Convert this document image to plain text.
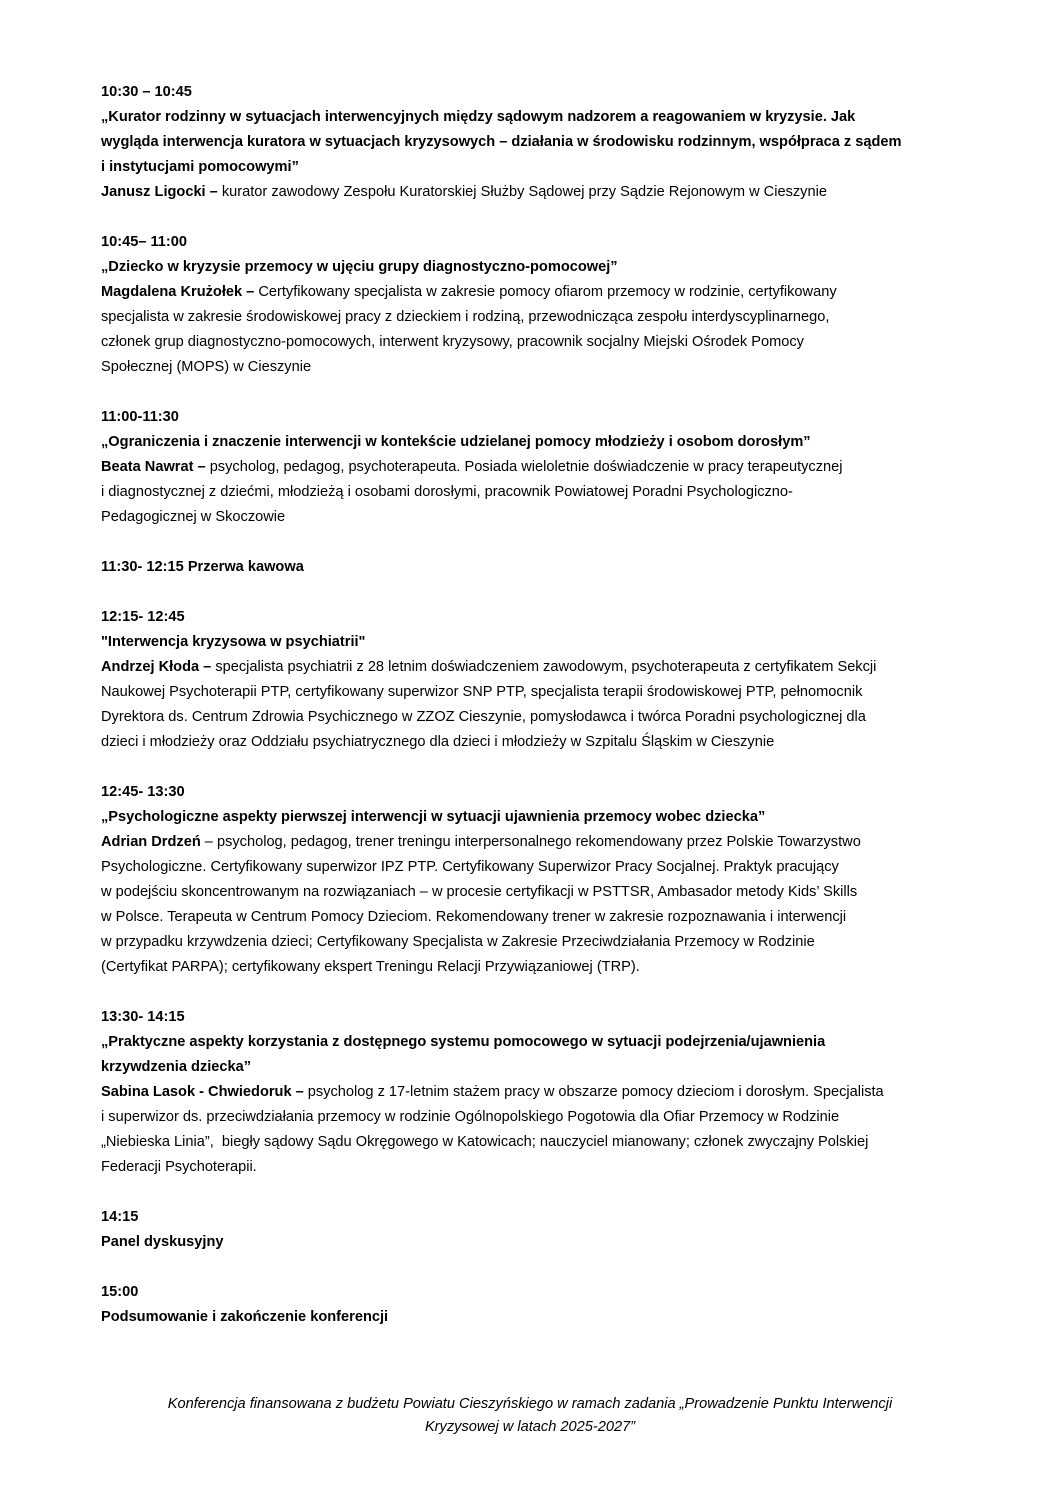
10:30 – 10:45
„Kurator rodzinny w sytuacjach interwencyjnych między sądowym nadzorem a reagowaniem w kryzysie. Jak
wygląda interwencja kuratora w sytuacjach kryzysowych – działania w środowisku rodzinnym, współpraca z sądem
i instytucjami pomocowymi”
Janusz Ligocki – kurator zawodowy Zespołu Kuratorskiej Służby Sądowej przy Sądzie Rejonowym w Cieszynie
10:45– 11:00
„Dziecko w kryzysie przemocy w ujęciu grupy diagnostyczno-pomocowej”
Magdalena Krużołek – Certyfikowany specjalista w zakresie pomocy ofiarom przemocy w rodzinie, certyfikowany
specjalista w zakresie środowiskowej pracy z dzieckiem i rodziną, przewodnicząca zespołu interdyscyplinarnego,
członek grup diagnostyczno-pomocowych, interwent kryzysowy, pracownik socjalny Miejski Ośrodek Pomocy
Społecznej (MOPS) w Cieszynie
11:00-11:30
„Ograniczenia i znaczenie interwencji w kontekście udzielanej pomocy młodzieży i osobom dorosłym”
Beata Nawrat – psycholog, pedagog, psychoterapeuta. Posiada wieloletnie doświadczenie w pracy terapeutycznej
i diagnostycznej z dziećmi, młodzieżą i osobami dorosłymi, pracownik Powiatowej Poradni Psychologiczno-
Pedagogicznej w Skoczowie
11:30- 12:15 Przerwa kawowa
12:15- 12:45
"Interwencja kryzysowa w psychiatrii"
Andrzej Kłoda – specjalista psychiatrii z 28 letnim doświadczeniem zawodowym, psychoterapeuta z certyfikatem Sekcji
Naukowej Psychoterapii PTP, certyfikowany superwizor SNP PTP, specjalista terapii środowiskowej PTP, pełnomocnik
Dyrektora ds. Centrum Zdrowia Psychicznego w ZZOZ Cieszynie, pomysłodawca i twórca Poradni psychologicznej dla
dzieci i młodzieży oraz Oddziału psychiatrycznego dla dzieci i młodzieży w Szpitalu Śląskim w Cieszynie
12:45- 13:30
„Psychologiczne aspekty pierwszej interwencji w sytuacji ujawnienia przemocy wobec dziecka”
Adrian Drdzeń – psycholog, pedagog, trener treningu interpersonalnego rekomendowany przez Polskie Towarzystwo
Psychologiczne. Certyfikowany superwizor IPZ PTP. Certyfikowany Superwizor Pracy Socjalnej. Praktyk pracujący
w podejściu skoncentrowanym na rozwiązaniach – w procesie certyfikacji w PSTTSR, Ambasador metody Kids’ Skills
w Polsce. Terapeuta w Centrum Pomocy Dzieciom. Rekomendowany trener w zakresie rozpoznawania i interwencji
w przypadku krzywdzenia dzieci; Certyfikowany Specjalista w Zakresie Przeciwdziałania Przemocy w Rodzinie
(Certyfikat PARPA); certyfikowany ekspert Treningu Relacji Przywiązaniowej (TRP).
13:30- 14:15
„Praktyczne aspekty korzystania z dostępnego systemu pomocowego w sytuacji podejrzenia/ujawnienia
krzywdzenia dziecka”
Sabina Lasok - Chwiedoruk – psycholog z 17-letnim stażem pracy w obszarze pomocy dzieciom i dorosłym. Specjalista
i superwizor ds. przeciwdziałania przemocy w rodzinie Ogólnopolskiego Pogotowia dla Ofiar Przemocy w Rodzinie
„Niebieska Linia”,  biegły sądowy Sądu Okręgowego w Katowicach; nauczyciel mianowany; członek zwyczajny Polskiej
Federacji Psychoterapii.
14:15
Panel dyskusyjny
15:00
Podsumowanie i zakończenie konferencji
Konferencja finansowana z budżetu Powiatu Cieszyńskiego w ramach zadania „Prowadzenie Punktu Interwencji
Kryzysowej w latach 2025-2027”
